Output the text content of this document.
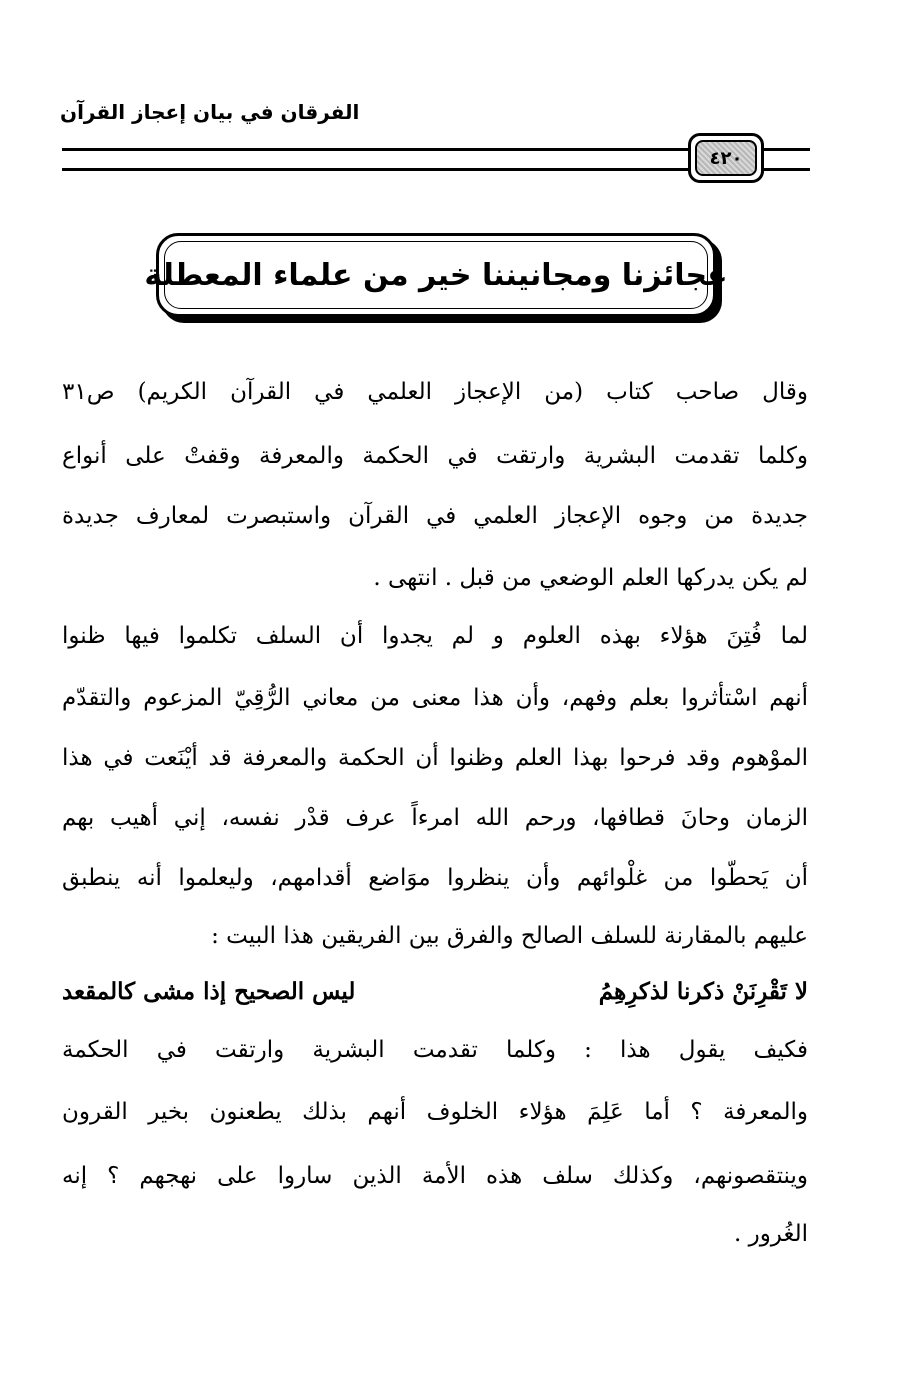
الفرقان في بيان إعجاز القرآن
٤٢٠
عجائزنا ومجانيننا خير من علماء المعطلة
وقال صاحب كتاب (من الإعجاز العلمي في القرآن الكريم) ص٣١
وكلما تقدمت البشرية وارتقت في الحكمة والمعرفة وقفتْ على أنواع
جديدة من وجوه الإعجاز العلمي في القرآن واستبصرت لمعارف جديدة
لم يكن يدركها العلم الوضعي من قبل . انتهى .
لما فُتِنَ هؤلاء بهذه العلوم و لم يجدوا أن السلف تكلموا فيها ظنوا
أنهم اسْتأثروا بعلم وفهم، وأن هذا معنى من معاني الرُّقِيّ المزعوم والتقدّم
الموْهوم وقد فرحوا بهذا العلم وظنوا أن الحكمة والمعرفة قد أيْنَعت في هذا
الزمان وحانَ قطافها، ورحم الله امرءاً عرف قدْر نفسه، إني أهيب بهم
أن يَحطّوا من غلْوائهم وأن ينظروا موَاضع أقدامهم، وليعلموا أنه ينطبق
عليهم بالمقارنة للسلف الصالح والفرق بين الفريقين هذا البيت :
لا تَقْرِنَنْ ذكرنا لذكرِهِمُ
ليس الصحيح إذا مشى كالمقعد
فكيف يقول هذا : وكلما تقدمت البشرية وارتقت في الحكمة
والمعرفة ؟ أما عَلِمَ هؤلاء الخلوف أنهم بذلك يطعنون بخير القرون
وينتقصونهم، وكذلك سلف هذه الأمة الذين ساروا على نهجهم ؟ إنه
الغُرور .
